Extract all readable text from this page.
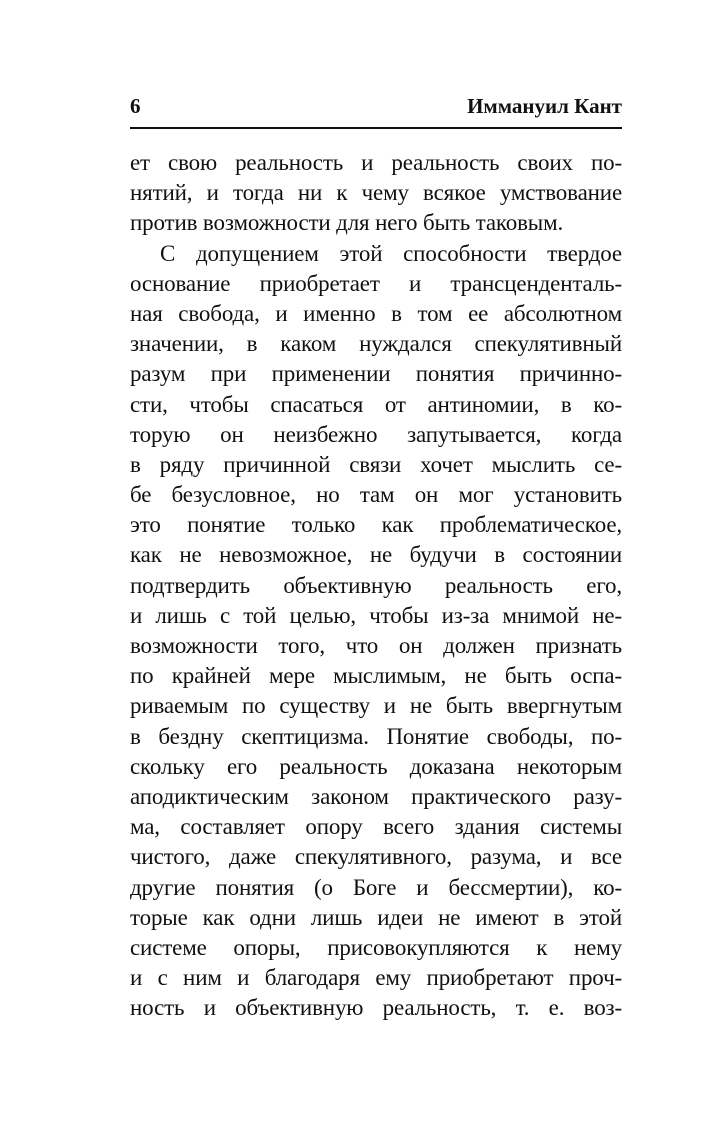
6	Иммануил Кант
ет свою реальность и реальность своих по-
нятий, и тогда ни к чему всякое умствование
против возможности для него быть таковым.
С допущением этой способности твердое
основание приобретает и трансценденталь-
ная свобода, и именно в том ее абсолютном
значении, в каком нуждался спекулятивный
разум при применении понятия причинно-
сти, чтобы спасаться от антиномии, в ко-
торую он неизбежно запутывается, когда
в ряду причинной связи хочет мыслить се-
бе безусловное, но там он мог установить
это понятие только как проблематическое,
как не невозможное, не будучи в состоянии
подтвердить объективную реальность его,
и лишь с той целью, чтобы из-за мнимой не-
возможности того, что он должен признать
по крайней мере мыслимым, не быть оспа-
риваемым по существу и не быть ввергнутым
в бездну скептицизма. Понятие свободы, по-
скольку его реальность доказана некоторым
аподиктическим законом практического разу-
ма, составляет опору всего здания системы
чистого, даже спекулятивного, разума, и все
другие понятия (о Боге и бессмертии), ко-
торые как одни лишь идеи не имеют в этой
системе опоры, присовокупляются к нему
и с ним и благодаря ему приобретают проч-
ность и объективную реальность, т. е. воз-
